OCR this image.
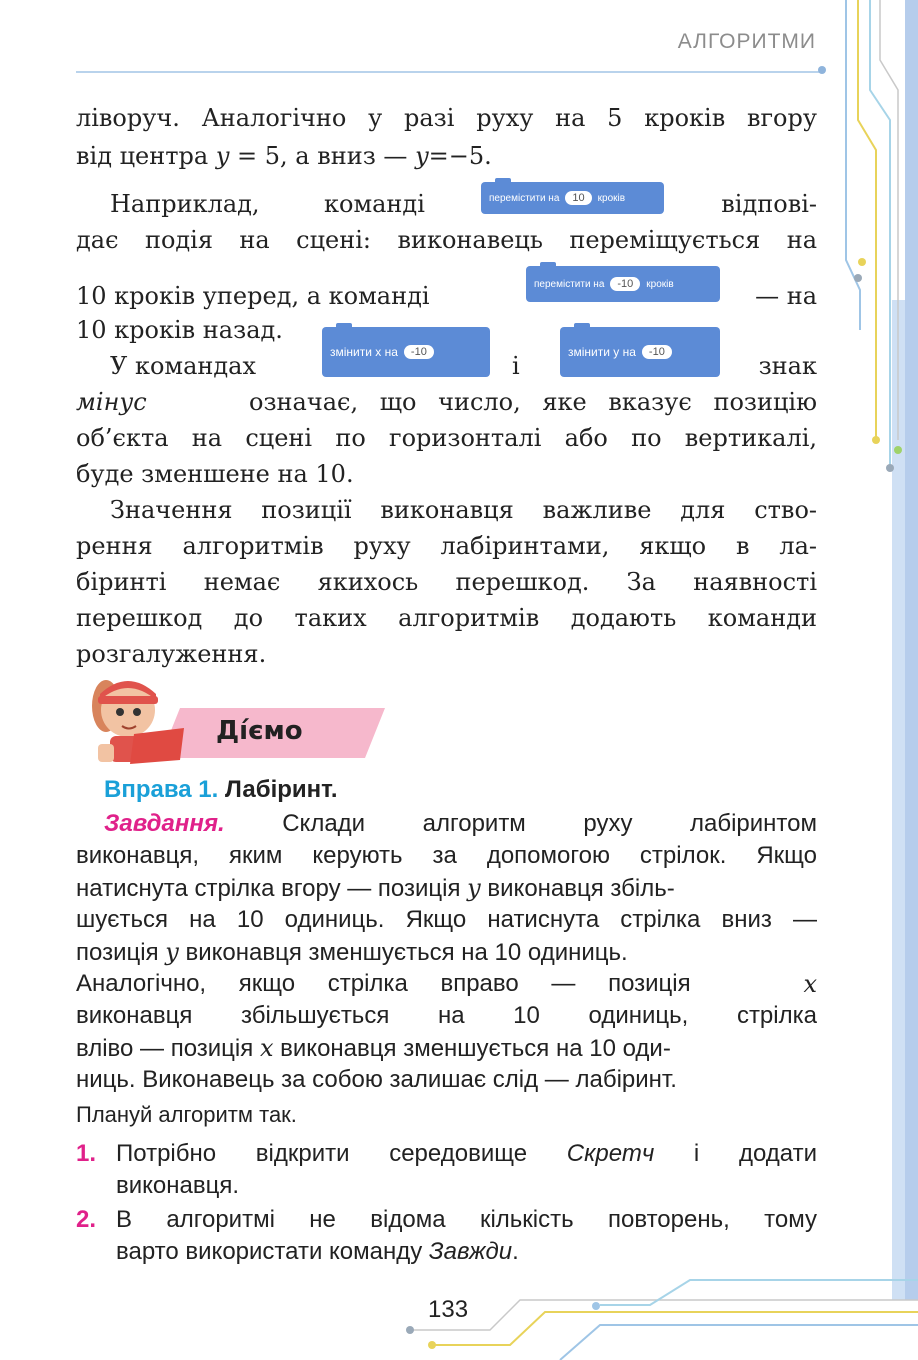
АЛГОРИТМИ
ліворуч. Аналогічно у разі руху на 5 кроків вгору
від центра y = 5, а вниз — y=−5.
Наприклад,	команді	перемістити на	10	кроків	відпові-
дає подія на сцені: виконавець переміщується на
10 кроків уперед, а команді	перемістити на	-10	кроків	— на
10 кроків назад.
У командах	змінити х на	-10	і	змінити у на	-10	знак
мінус	означає, що число, яке вказує позицію
об’єкта на сцені по горизонталі або по вертикалі,
буде зменшене на 10.
Значення позиції виконавця важливе для ство-
рення алгоритмів руху лабіринтами, якщо в ла-
біринті немає якихось перешкод. За наявності
перешкод до таких алгоритмів додають команди
розгалуження.
Дíємо
Вправа 1. Лабіринт.
Завдання. Склади алгоритм руху лабіринтом
виконавця, яким керують за допомогою стрілок. Якщо
натиснута стрілка вгору — позиція y виконавця збіль-
шується на 10 одиниць. Якщо натиснута стрілка вниз —
позиція y виконавця зменшується на 10 одиниць.
Аналогічно, якщо стрілка вправо — позиція	x
виконавця збільшується на 10 одиниць, стрілка
вліво — позиція x виконавця зменшується на 10 оди-
ниць. Виконавець за собою залишає слід — лабіринт.
Плануй алгоритм так.
1. Потрібно відкрити середовище Скретч і додати
виконавця.
2. В алгоритмі не відома кількість повторень, тому
варто використати команду Завжди.
133
